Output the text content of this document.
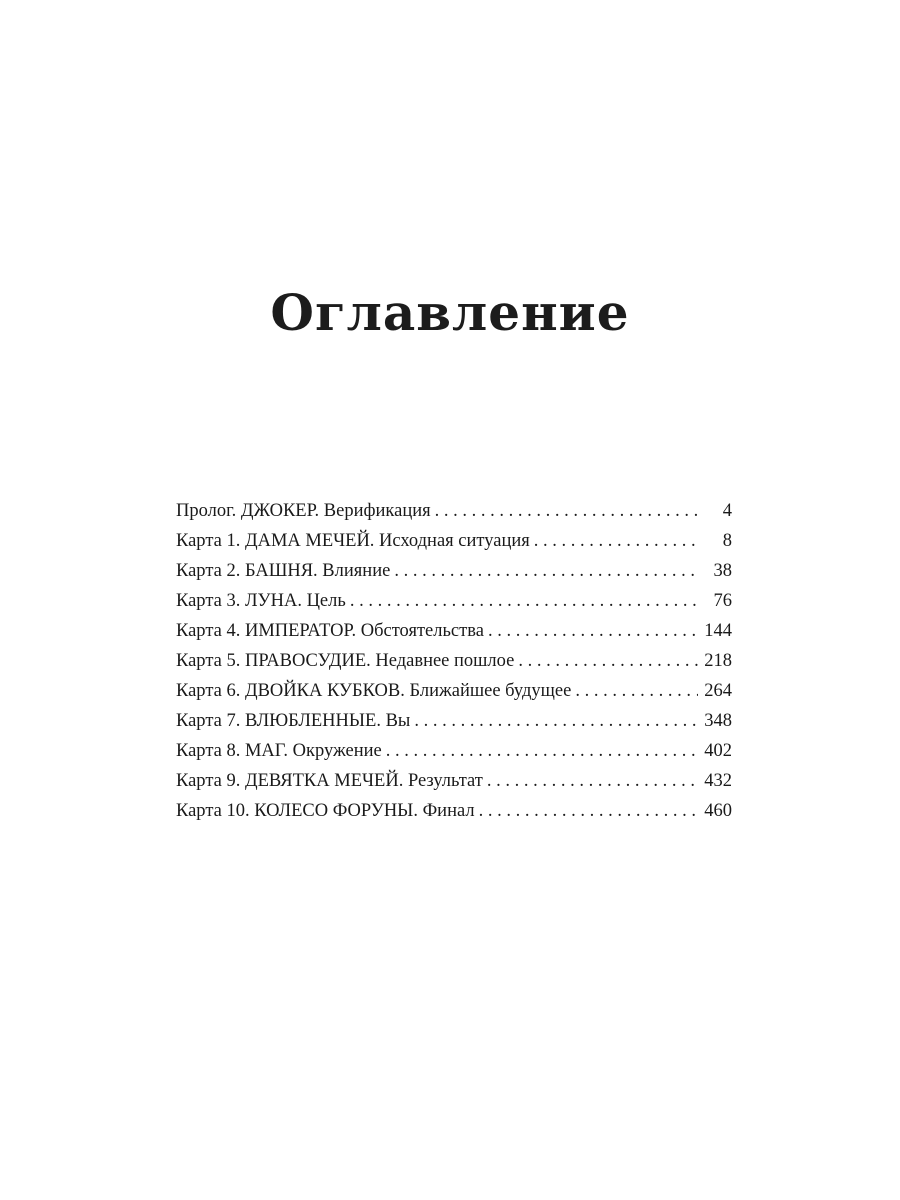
Оглавление
Пролог. ДЖОКЕР. Верификация . . .	4
Карта 1. ДАМА МЕЧЕЙ. Исходная ситуация . . .	8
Карта 2. БАШНЯ. Влияние . . .	38
Карта 3. ЛУНА. Цель . . .	76
Карта 4. ИМПЕРАТОР. Обстоятельства . . .	144
Карта 5. ПРАВОСУДИЕ. Недавнее пошлое . . .	218
Карта 6. ДВОЙКА КУБКОВ. Ближайшее будущее . . .	264
Карта 7. ВЛЮБЛЕННЫЕ. Вы . . .	348
Карта 8. МАГ. Окружение . . .	402
Карта 9. ДЕВЯТКА МЕЧЕЙ. Результат . . .	432
Карта 10. КОЛЕСО ФОРУНЫ. Финал . . .	460
